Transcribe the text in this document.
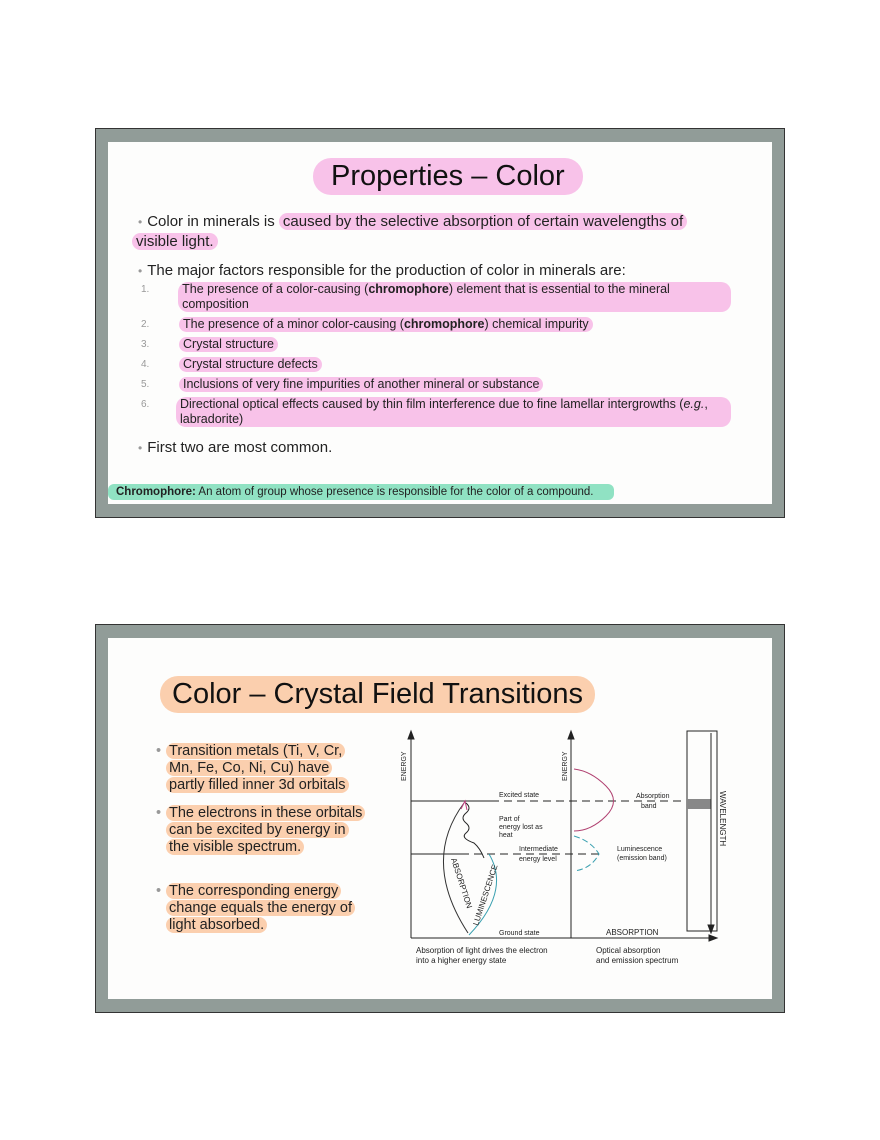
Properties – Color
• Color in minerals is caused by the selective absorption of certain wavelengths of
visible light.
• The major factors responsible for the production of color in minerals are:
1.	The presence of a color-causing (chromophore) element that is essential to the mineral composition
2.	The presence of a minor color-causing (chromophore) chemical impurity
3.	Crystal structure
4.	Crystal structure defects
5.	Inclusions of very fine impurities of another mineral or substance
6.	Directional optical effects caused by thin film interference due to fine lamellar intergrowths (e.g., labradorite)
• First two are most common.
Chromophore: An atom of group whose presence is responsible for the color of a compound.
Color – Crystal Field Transitions
• Transition metals (Ti, V, Cr, Mn, Fe, Co, Ni, Cu) have partly filled inner 3d orbitals
• The electrons in these orbitals can be excited by energy in the visible spectrum.
• The corresponding energy change equals the energy of light absorbed.
ENERGY
Excited state
Part of
energy lost as
heat
Intermediate
energy level
Ground state
ABSORPTION
LUMINESCENCE
Absorption of light drives the electron
into a higher energy state
ENERGY
Absorption
band
Luminescence
(emission band)
ABSORPTION
WAVELENGTH
Optical absorption
and emission spectrum
